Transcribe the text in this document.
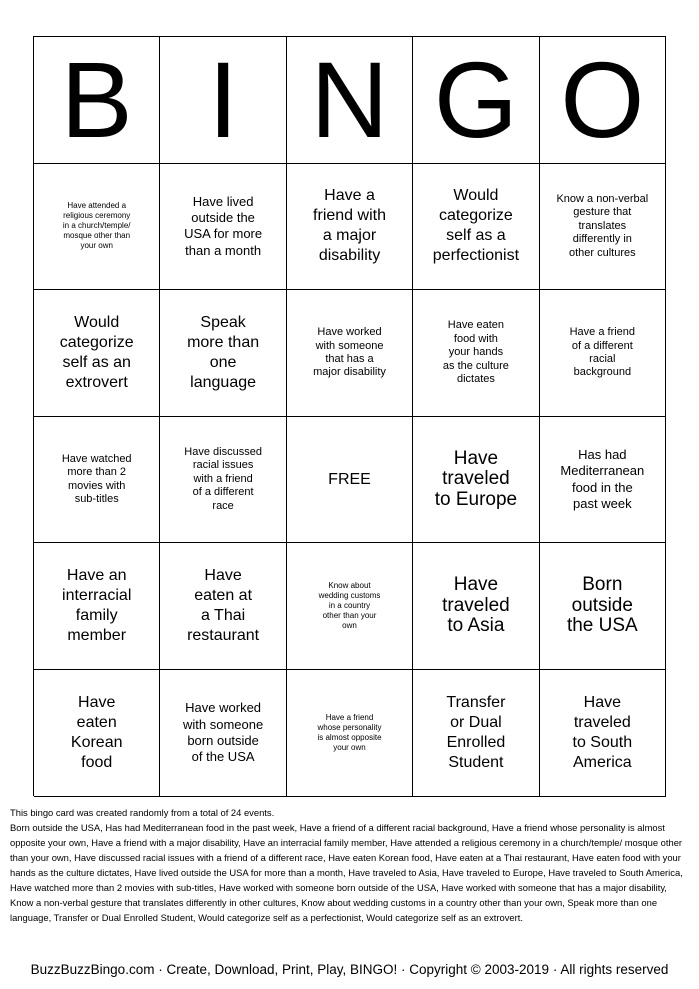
B I N G O
Have attended a
religious ceremony
in a church/temple/
mosque other than
your own
Have lived
outside the
USA for more
than a month
Have a
friend with
a major
disability
Would
categorize
self as a
perfectionist
Know a non-verbal
gesture that
translates
differently in
other cultures
Would
categorize
self as an
extrovert
Speak
more than
one
language
Have worked
with someone
that has a
major disability
Have eaten
food with
your hands
as the culture
dictates
Have a friend
of a different
racial
background
Have watched
more than 2
movies with
sub-titles
Have discussed
racial issues
with a friend
of a different
race
FREE
Have
traveled
to Europe
Has had
Mediterranean
food in the
past week
Have an
interracial
family
member
Have
eaten at
a Thai
restaurant
Know about
wedding customs
in a country
other than your
own
Have
traveled
to Asia
Born
outside
the USA
Have
eaten
Korean
food
Have worked
with someone
born outside
of the USA
Have a friend
whose personality
is almost opposite
your own
Transfer
or Dual
Enrolled
Student
Have
traveled
to South
America
This bingo card was created randomly from a total of 24 events.
Born outside the USA, Has had Mediterranean food in the past week, Have a friend of a different racial background, Have a friend whose personality is almost opposite your own, Have a friend with a major disability, Have an interracial family member, Have attended a religious ceremony in a church/temple/ mosque other than your own, Have discussed racial issues with a friend of a different race, Have eaten Korean food, Have eaten at a Thai restaurant, Have eaten food with your hands as the culture dictates, Have lived outside the USA for more than a month, Have traveled to Asia, Have traveled to Europe, Have traveled to South America, Have watched more than 2 movies with sub-titles, Have worked with someone born outside of the USA, Have worked with someone that has a major disability, Know a non-verbal gesture that translates differently in other cultures, Know about wedding customs in a country other than your own, Speak more than one language, Transfer or Dual Enrolled Student, Would categorize self as a perfectionist, Would categorize self as an extrovert.
BuzzBuzzBingo.com · Create, Download, Print, Play, BINGO! · Copyright © 2003-2019 · All rights reserved
